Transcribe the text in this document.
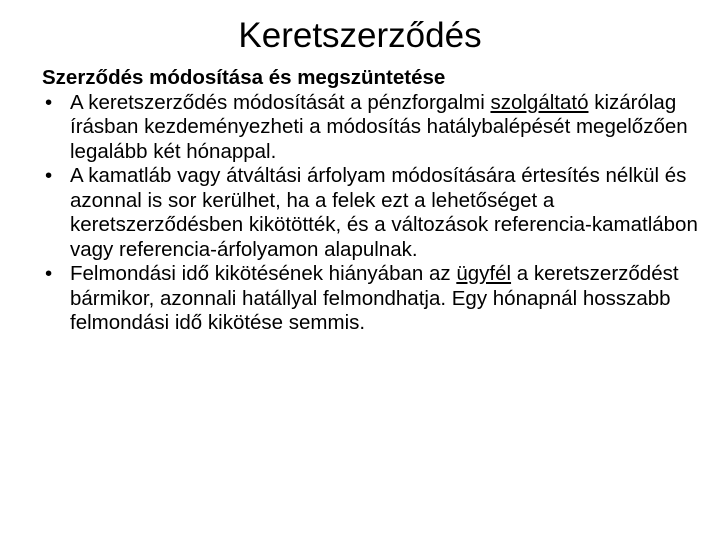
Keretszerződés

Szerződés módosítása és megszüntetése

• A keretszerződés módosítását a pénzforgalmi szolgáltató kizárólag írásban kezdeményezheti a módosítás hatálybalépését megelőzően legalább két hónappal.
• A kamatláb vagy átváltási árfolyam módosítására értesítés nélkül és azonnal is sor kerülhet, ha a felek ezt a lehetőséget a keretszerződésben kikötötték, és a változások referencia-kamatlábon vagy referencia-árfolyamon alapulnak.
• Felmondási idő kikötésének hiányában az ügyfél a keretszerződést bármikor, azonnali hatállyal felmondhatja. Egy hónapnál hosszabb felmondási idő kikötése semmis.
